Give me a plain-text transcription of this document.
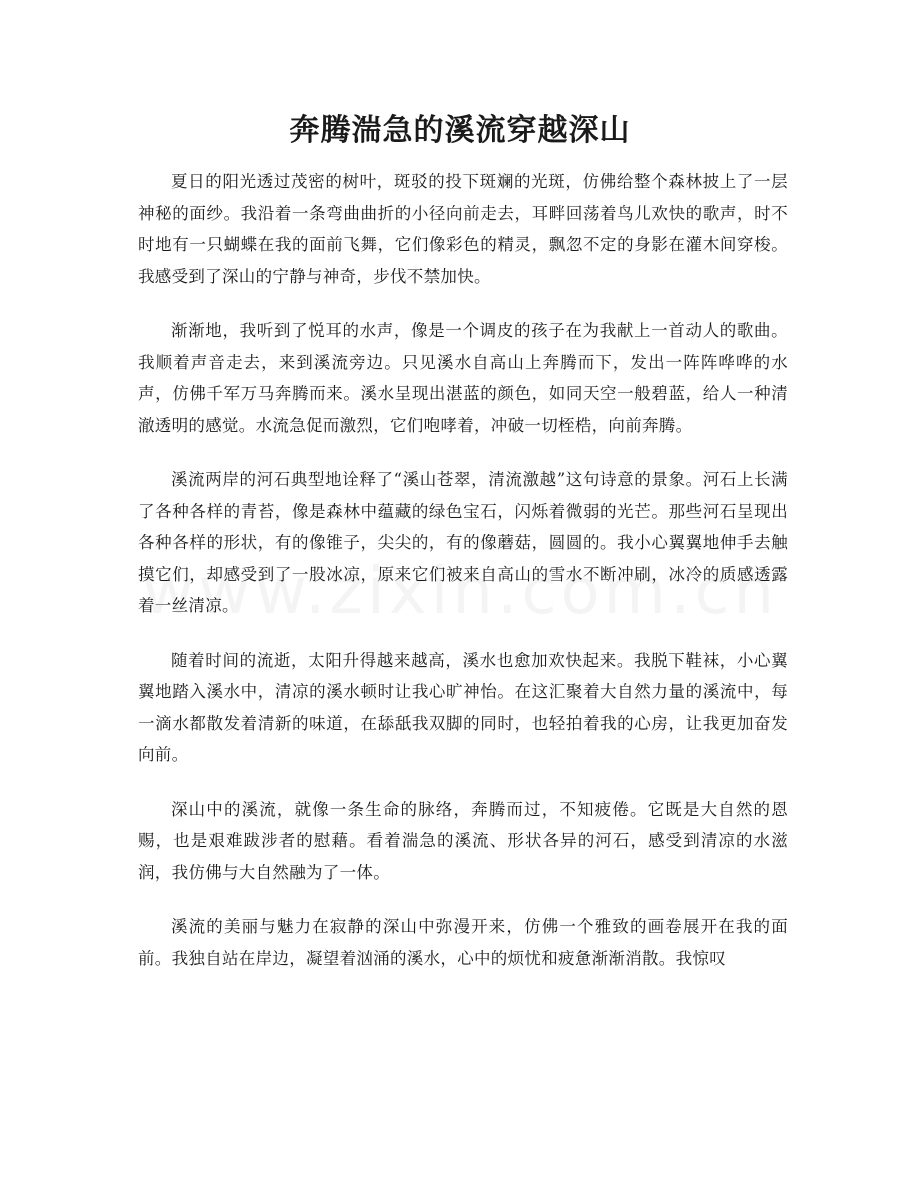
奔腾湍急的溪流穿越深山

夏日的阳光透过茂密的树叶，斑驳的投下斑斓的光斑，仿佛给整个森林披上了一层神秘的面纱。我沿着一条弯曲曲折的小径向前走去，耳畔回荡着鸟儿欢快的歌声，时不时地有一只蝴蝶在我的面前飞舞，它们像彩色的精灵，飘忽不定的身影在灌木间穿梭。我感受到了深山的宁静与神奇，步伐不禁加快。

渐渐地，我听到了悦耳的水声，像是一个调皮的孩子在为我献上一首动人的歌曲。我顺着声音走去，来到溪流旁边。只见溪水自高山上奔腾而下，发出一阵阵哗哗的水声，仿佛千军万马奔腾而来。溪水呈现出湛蓝的颜色，如同天空一般碧蓝，给人一种清澈透明的感觉。水流急促而激烈，它们咆哮着，冲破一切桎梏，向前奔腾。

溪流两岸的河石典型地诠释了“溪山苍翠，清流激越”这句诗意的景象。河石上长满了各种各样的青苔，像是森林中蕴藏的绿色宝石，闪烁着微弱的光芒。那些河石呈现出各种各样的形状，有的像锥子，尖尖的，有的像蘑菇，圆圆的。我小心翼翼地伸手去触摸它们，却感受到了一股冰凉，原来它们被来自高山的雪水不断冲刷，冰冷的质感透露着一丝清凉。

随着时间的流逝，太阳升得越来越高，溪水也愈加欢快起来。我脱下鞋袜，小心翼翼地踏入溪水中，清凉的溪水顿时让我心旷神怡。在这汇聚着大自然力量的溪流中，每一滴水都散发着清新的味道，在舔舐我双脚的同时，也轻拍着我的心房，让我更加奋发向前。

深山中的溪流，就像一条生命的脉络，奔腾而过，不知疲倦。它既是大自然的恩赐，也是艰难跋涉者的慰藉。看着湍急的溪流、形状各异的河石，感受到清凉的水滋润，我仿佛与大自然融为了一体。

溪流的美丽与魅力在寂静的深山中弥漫开来，仿佛一个雅致的画卷展开在我的面前。我独自站在岸边，凝望着汹涌的溪水，心中的烦忧和疲惫渐渐消散。我惊叹
